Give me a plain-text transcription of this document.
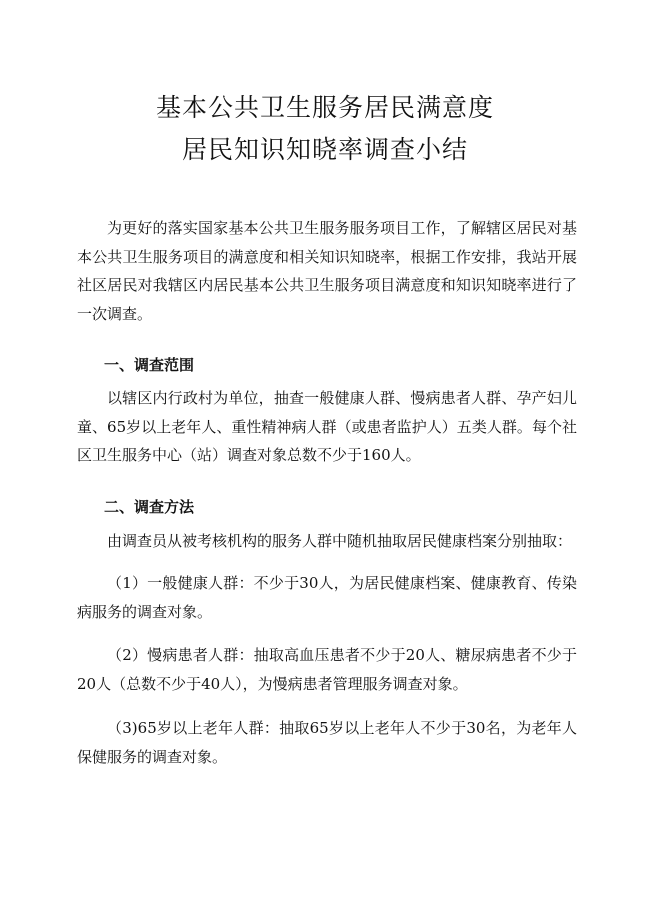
基本公共卫生服务居民满意度
居民知识知晓率调查小结
为更好的落实国家基本公共卫生服务服务项目工作，了解辖区居民对基本公共卫生服务项目的满意度和相关知识知晓率，根据工作安排，我站开展社区居民对我辖区内居民基本公共卫生服务项目满意度和知识知晓率进行了一次调查。
一、调查范围
以辖区内行政村为单位，抽查一般健康人群、慢病患者人群、孕产妇儿童、65岁以上老年人、重性精神病人群（或患者监护人）五类人群。每个社区卫生服务中心（站）调查对象总数不少于160人。
二、调查方法
由调查员从被考核机构的服务人群中随机抽取居民健康档案分别抽取：
（1）一般健康人群：不少于30人，为居民健康档案、健康教育、传染病服务的调查对象。
（2）慢病患者人群：抽取高血压患者不少于20人、糖尿病患者不少于20人（总数不少于40人），为慢病患者管理服务调查对象。
（3)65岁以上老年人群：抽取65岁以上老年人不少于30名，为老年人保健服务的调查对象。
